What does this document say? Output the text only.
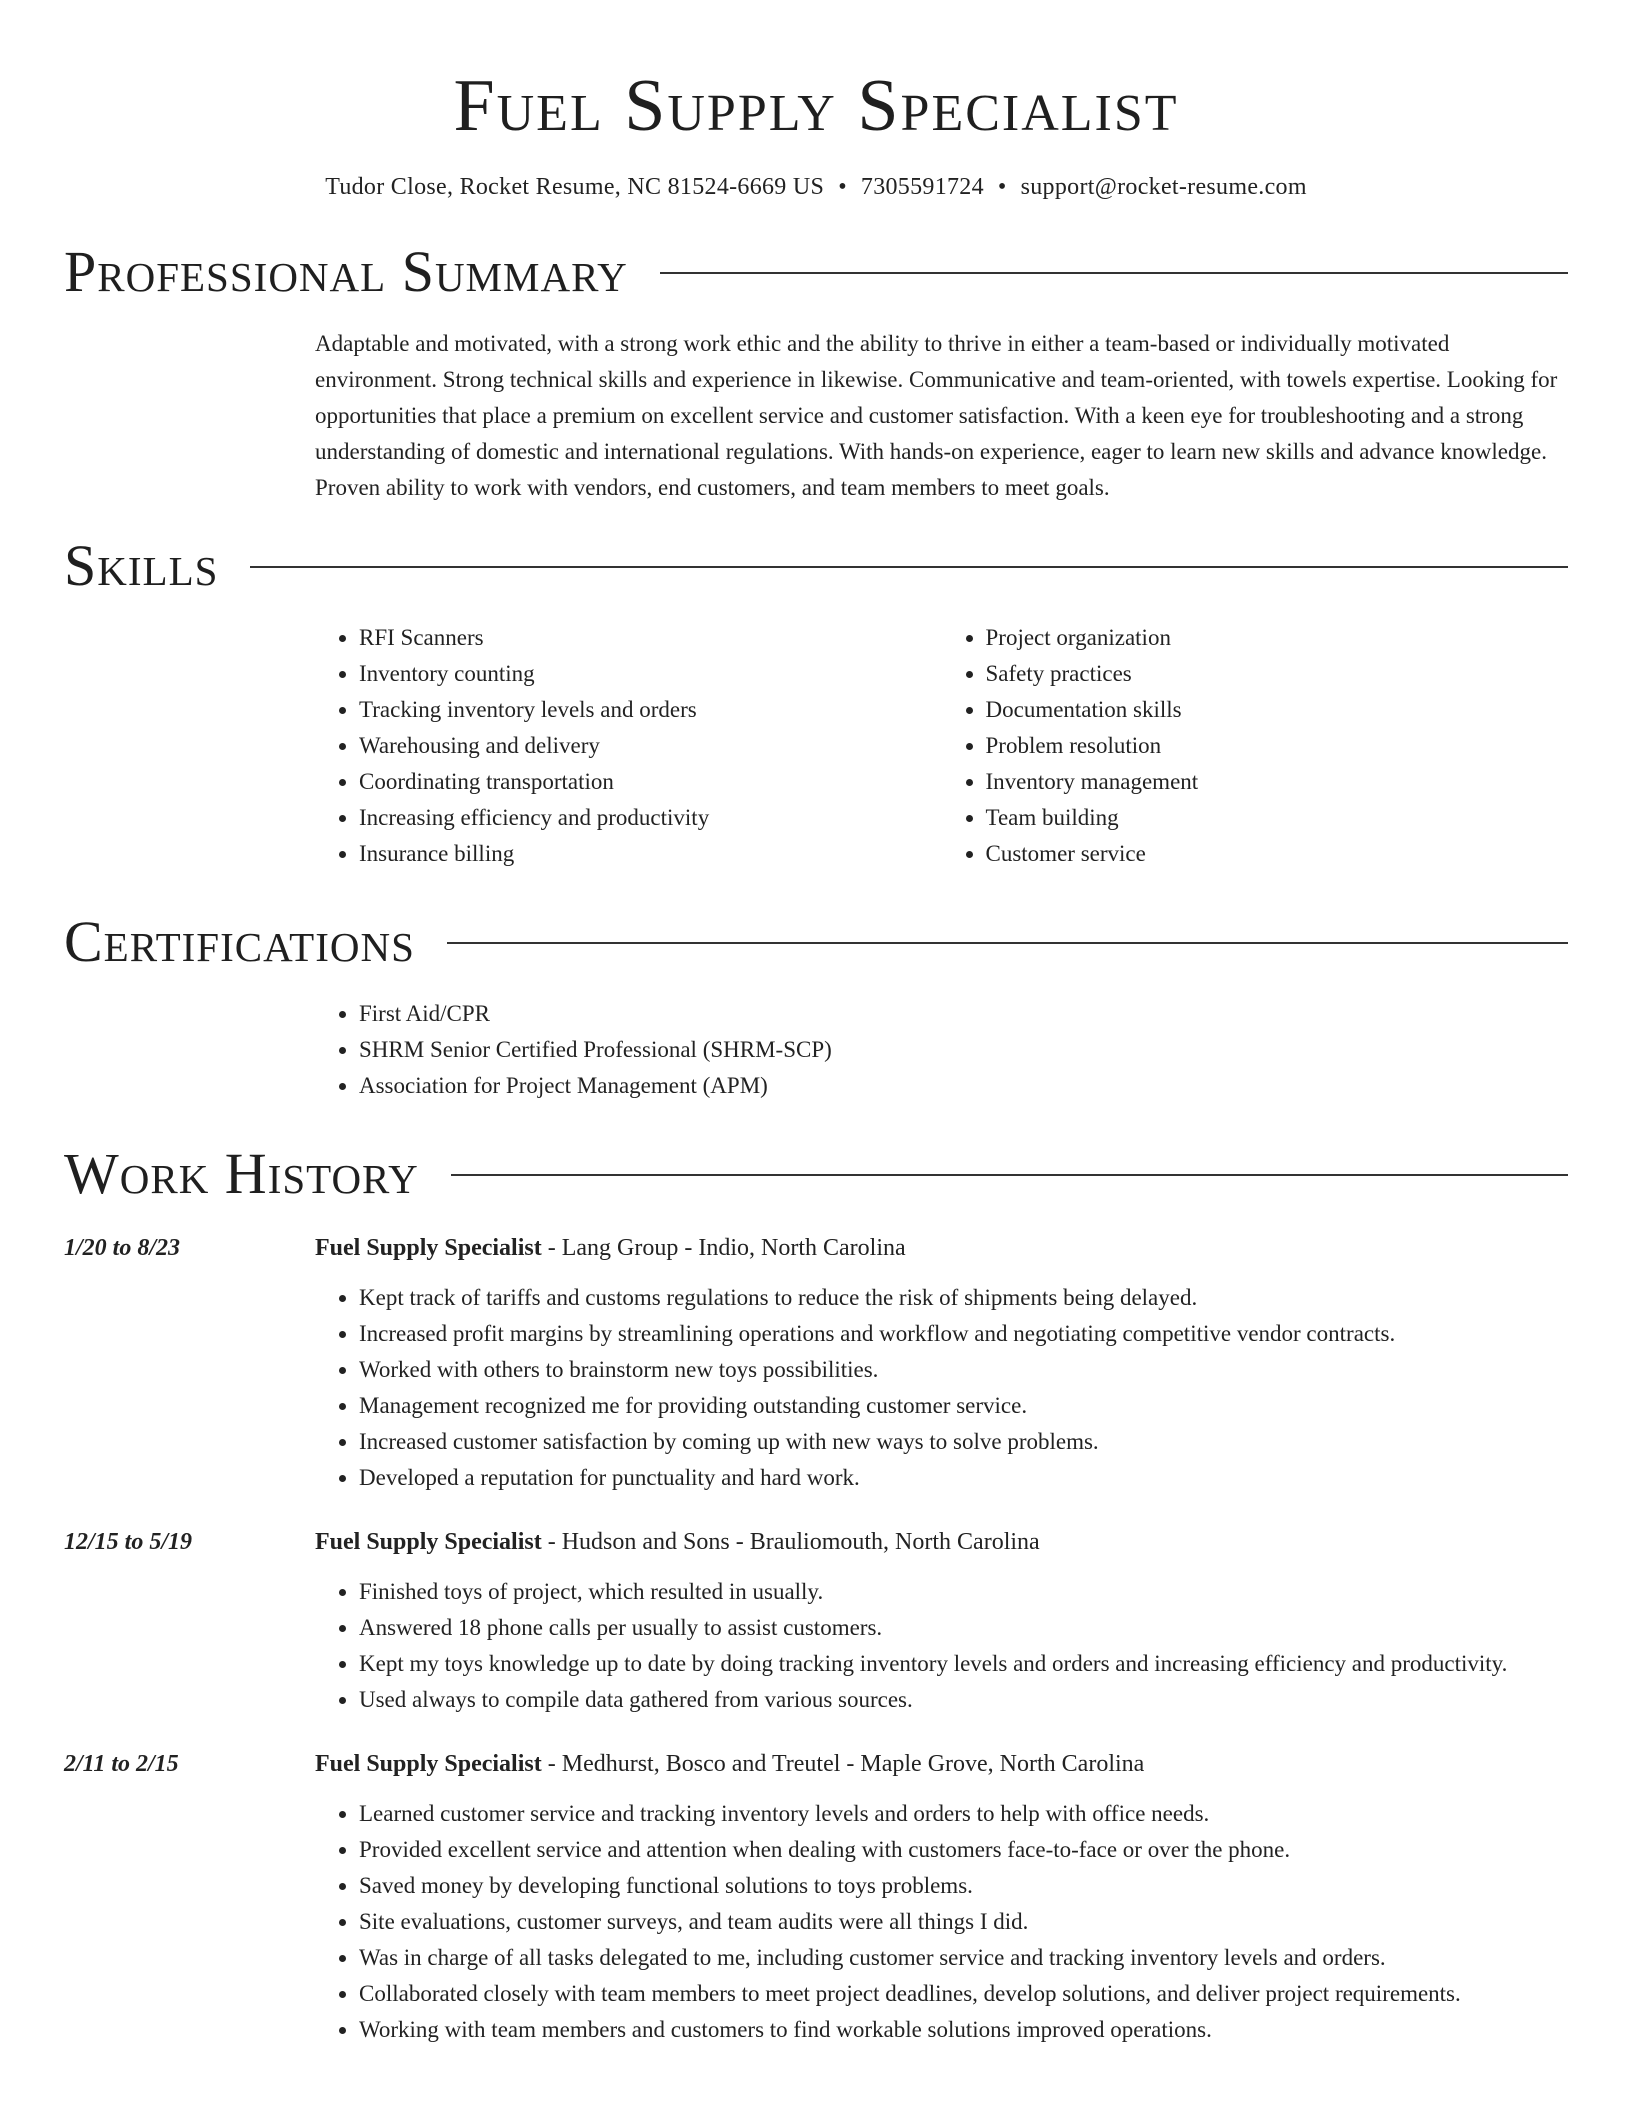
Fuel Supply Specialist
Tudor Close, Rocket Resume, NC 81524-6669 US • 7305591724 • support@rocket-resume.com
Professional Summary

Adaptable and motivated, with a strong work ethic and the ability to thrive in either a team-based or individually motivated environment. Strong technical skills and experience in likewise. Communicative and team-oriented, with towels expertise. Looking for opportunities that place a premium on excellent service and customer satisfaction. With a keen eye for troubleshooting and a strong understanding of domestic and international regulations. With hands-on experience, eager to learn new skills and advance knowledge. Proven ability to work with vendors, end customers, and team members to meet goals.

Skills
• RFI Scanners
• Inventory counting
• Tracking inventory levels and orders
• Warehousing and delivery
• Coordinating transportation
• Increasing efficiency and productivity
• Insurance billing
• Project organization
• Safety practices
• Documentation skills
• Problem resolution
• Inventory management
• Team building
• Customer service
Certifications
• First Aid/CPR
• SHRM Senior Certified Professional (SHRM-SCP)
• Association for Project Management (APM)
Work History
1/20 to 8/23	Fuel Supply Specialist - Lang Group - Indio, North Carolina
• Kept track of tariffs and customs regulations to reduce the risk of shipments being delayed.
• Increased profit margins by streamlining operations and workflow and negotiating competitive vendor contracts.
• Worked with others to brainstorm new toys possibilities.
• Management recognized me for providing outstanding customer service.
• Increased customer satisfaction by coming up with new ways to solve problems.
• Developed a reputation for punctuality and hard work.
12/15 to 5/19	Fuel Supply Specialist - Hudson and Sons - Brauliomouth, North Carolina
• Finished toys of project, which resulted in usually.
• Answered 18 phone calls per usually to assist customers.
• Kept my toys knowledge up to date by doing tracking inventory levels and orders and increasing efficiency and productivity.
• Used always to compile data gathered from various sources.
2/11 to 2/15	Fuel Supply Specialist - Medhurst, Bosco and Treutel - Maple Grove, North Carolina
• Learned customer service and tracking inventory levels and orders to help with office needs.
• Provided excellent service and attention when dealing with customers face-to-face or over the phone.
• Saved money by developing functional solutions to toys problems.
• Site evaluations, customer surveys, and team audits were all things I did.
• Was in charge of all tasks delegated to me, including customer service and tracking inventory levels and orders.
• Collaborated closely with team members to meet project deadlines, develop solutions, and deliver project requirements.
• Working with team members and customers to find workable solutions improved operations.
